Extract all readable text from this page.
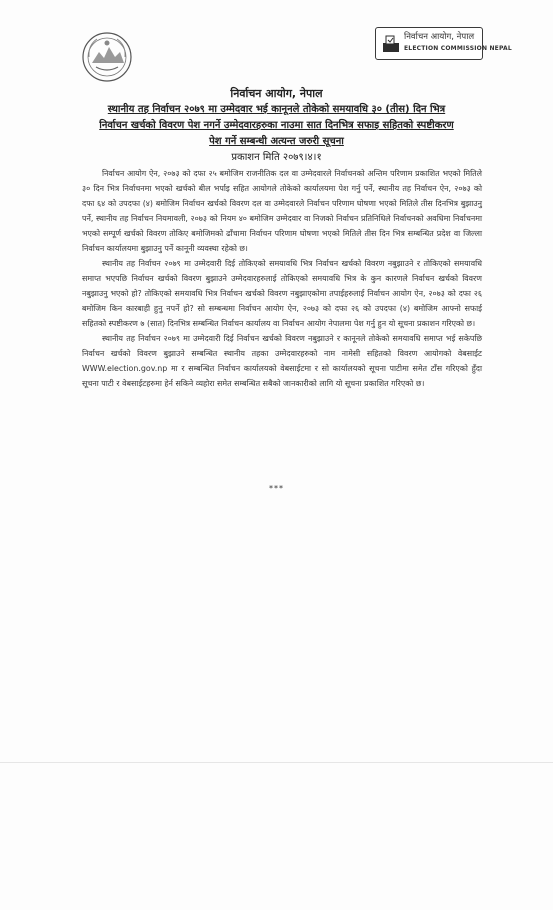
निर्वाचन आयोग, नेपाल
ELECTION COMMISSION NEPAL
निर्वाचन आयोग, नेपाल
स्थानीय तह निर्वाचन २०७९ मा उम्मेदवार भई कानूनले तोकेको समयावधि ३० (तीस) दिन भित्र
निर्वाचन खर्चको विवरण पेश नगर्ने उम्मेदवारहरुका नाउमा सात दिनभित्र सफाइ सहितको स्पष्टीकरण
पेश गर्ने सम्बन्धी अत्यन्त जरुरी सूचना
प्रकाशन मिति २०७९।४।१

निर्वाचन आयोग ऐन, २०७३ को दफा २५ बमोजिम राजनीतिक दल वा उम्मेदवारले निर्वाचनको अन्तिम परिणाम प्रकाशित भएको मितिले ३० दिन भित्र निर्वाचनमा भएको खर्चको बील भर्पाइ सहित आयोगले तोकेको कार्यालयमा पेश गर्नु पर्ने, स्थानीय तह निर्वाचन ऐन, २०७३ को दफा ६४ को उपदफा (४) बमोजिम निर्वाचन खर्चको विवरण दल वा उम्मेदवारले निर्वाचन परिणाम घोषणा भएको मितिले तीस दिनभित्र बुझाउनु पर्ने, स्थानीय तह निर्वाचन नियमावली, २०७३ को नियम ४० बमोजिम उम्मेदवार वा निजको निर्वाचन प्रतिनिधिले निर्वाचनको अवधिमा निर्वाचनमा भएको सम्पूर्ण खर्चको विवरण तोकिए बमोजिमको ढाँचामा निर्वाचन परिणाम घोषणा भएको मितिले तीस दिन भित्र सम्बन्धित प्रदेश वा जिल्ला निर्वाचन कार्यालयमा बुझाउनु पर्ने कानूनी व्यवस्था रहेको छ।

स्थानीय तह निर्वाचन २०७९ मा उम्मेदवारी दिई तोकिएको समयावधि भित्र निर्वाचन खर्चको विवरण नबुझाउने र तोकिएको समयावधि समाप्त भएपछि निर्वाचन खर्चको विवरण बुझाउने उम्मेदवारहरुलाई तोकिएको समयावधि भित्र के कुन कारणले निर्वाचन खर्चको विवरण नबुझाउनु भएको हो? तोकिएको समयावधि भित्र निर्वाचन खर्चको विवरण नबुझाएकोमा तपाईहरुलाई निर्वाचन आयोग ऐन, २०७३ को दफा २६ बमोजिम किन कारबाही हुनु नपर्ने हो? सो सम्बन्धमा निर्वाचन आयोग ऐन, २०७३ को दफा २६ को उपदफा (४) बमोजिम आफ्नो सफाई सहितको स्पष्टीकरण ७ (सात) दिनभित्र सम्बन्धित निर्वाचन कार्यालय वा निर्वाचन आयोग नेपालमा पेश गर्नु हुन यो सूचना प्रकाशन गरिएको छ।

स्थानीय तह निर्वाचन २०७९ मा उम्मेदवारी दिई निर्वाचन खर्चको विवरण नबुझाउने र कानूनले तोकेको समयावधि समाप्त भई सकेपछि निर्वाचन खर्चको विवरण बुझाउने सम्बन्धित स्थानीय तहका उम्मेदवारहरुको नाम नामेसी सहितको विवरण आयोगको वेबसाईट WWW.election.gov.np मा र सम्बन्धित निर्वाचन कार्यालयको वेबसाईटमा र सो कार्यालयको सूचना पाटीमा समेत टाँस गरिएको हुँदा सूचना पाटी र वेबसाईटहरुमा हेर्न सकिने व्यहोरा समेत सम्बन्धित सबैको जानकारीको लागि यो सूचना प्रकाशित गरिएको छ।

***
